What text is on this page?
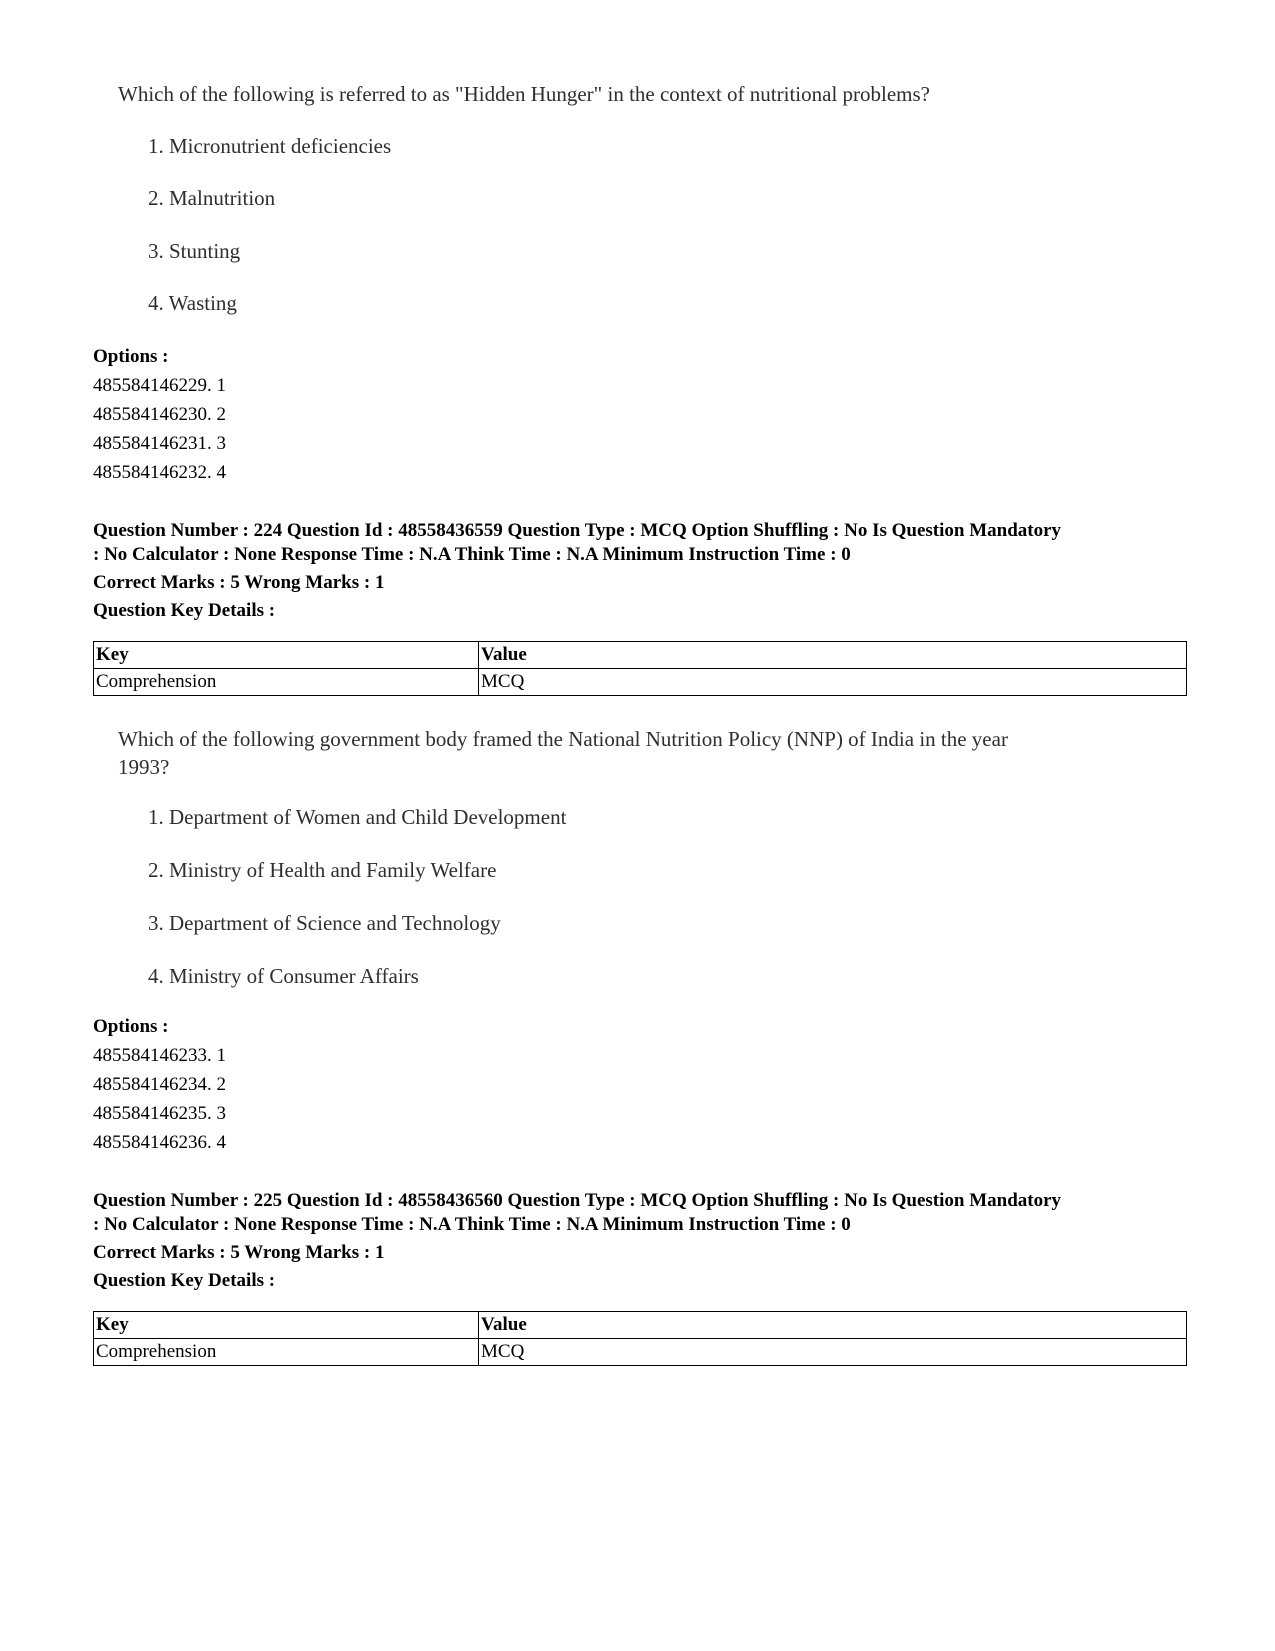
Which of the following is referred to as "Hidden Hunger" in the context of nutritional problems?

1. Micronutrient deficiencies
2. Malnutrition
3. Stunting
4. Wasting
Options :
485584146229. 1
485584146230. 2
485584146231. 3
485584146232. 4
Question Number : 224 Question Id : 48558436559 Question Type : MCQ Option Shuffling : No Is Question Mandatory
: No Calculator : None Response Time : N.A Think Time : N.A Minimum Instruction Time : 0
Correct Marks : 5 Wrong Marks : 1
Question Key Details :
Key	Value
Comprehension	MCQ

Which of the following government body framed the National Nutrition Policy (NNP) of India in the year

1993?

1. Department of Women and Child Development
2. Ministry of Health and Family Welfare
3. Department of Science and Technology
4. Ministry of Consumer Affairs
Options :
485584146233. 1
485584146234. 2
485584146235. 3
485584146236. 4
Question Number : 225 Question Id : 48558436560 Question Type : MCQ Option Shuffling : No Is Question Mandatory
: No Calculator : None Response Time : N.A Think Time : N.A Minimum Instruction Time : 0
Correct Marks : 5 Wrong Marks : 1
Question Key Details :
Key	Value
Comprehension	MCQ
